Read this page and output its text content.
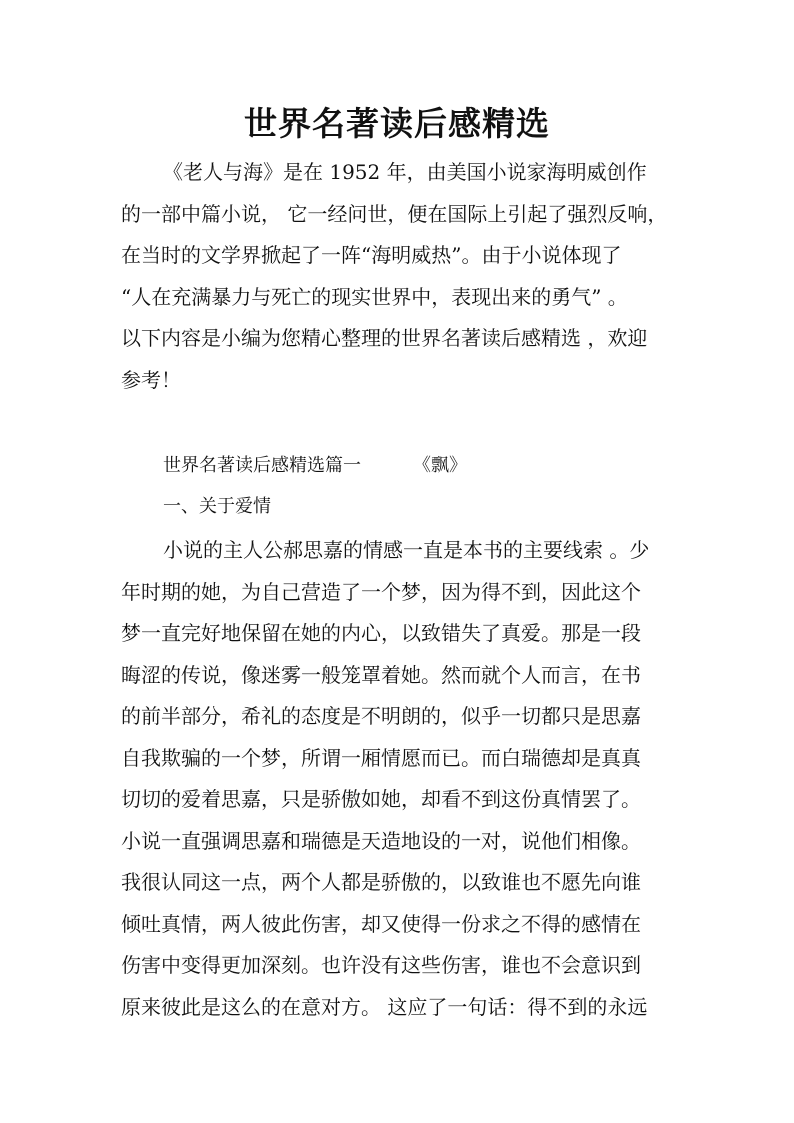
世界名著读后感精选
《老人与海》是在 1952 年，由美国小说家海明威创作
的一部中篇小说， 它一经问世，便在国际上引起了强烈反响，
在当时的文学界掀起了一阵“海明威热”。由于小说体现了
“人在充满暴力与死亡的现实世界中，表现出来的勇气” 。
以下内容是小编为您精心整理的世界名著读后感精选 ，欢迎
参考！
世界名著读后感精选篇一	《飘》
一、关于爱情
小说的主人公郝思嘉的情感一直是本书的主要线索 。少
年时期的她，为自己营造了一个梦，因为得不到，因此这个
梦一直完好地保留在她的内心，以致错失了真爱。那是一段
晦涩的传说，像迷雾一般笼罩着她。然而就个人而言，在书
的前半部分，希礼的态度是不明朗的，似乎一切都只是思嘉
自我欺骗的一个梦，所谓一厢情愿而已。而白瑞德却是真真
切切的爱着思嘉，只是骄傲如她，却看不到这份真情罢了。
小说一直强调思嘉和瑞德是天造地设的一对，说他们相像。
我很认同这一点，两个人都是骄傲的，以致谁也不愿先向谁
倾吐真情，两人彼此伤害，却又使得一份求之不得的感情在
伤害中变得更加深刻。也许没有这些伤害，谁也不会意识到
原来彼此是这么的在意对方。 这应了一句话：得不到的永远
